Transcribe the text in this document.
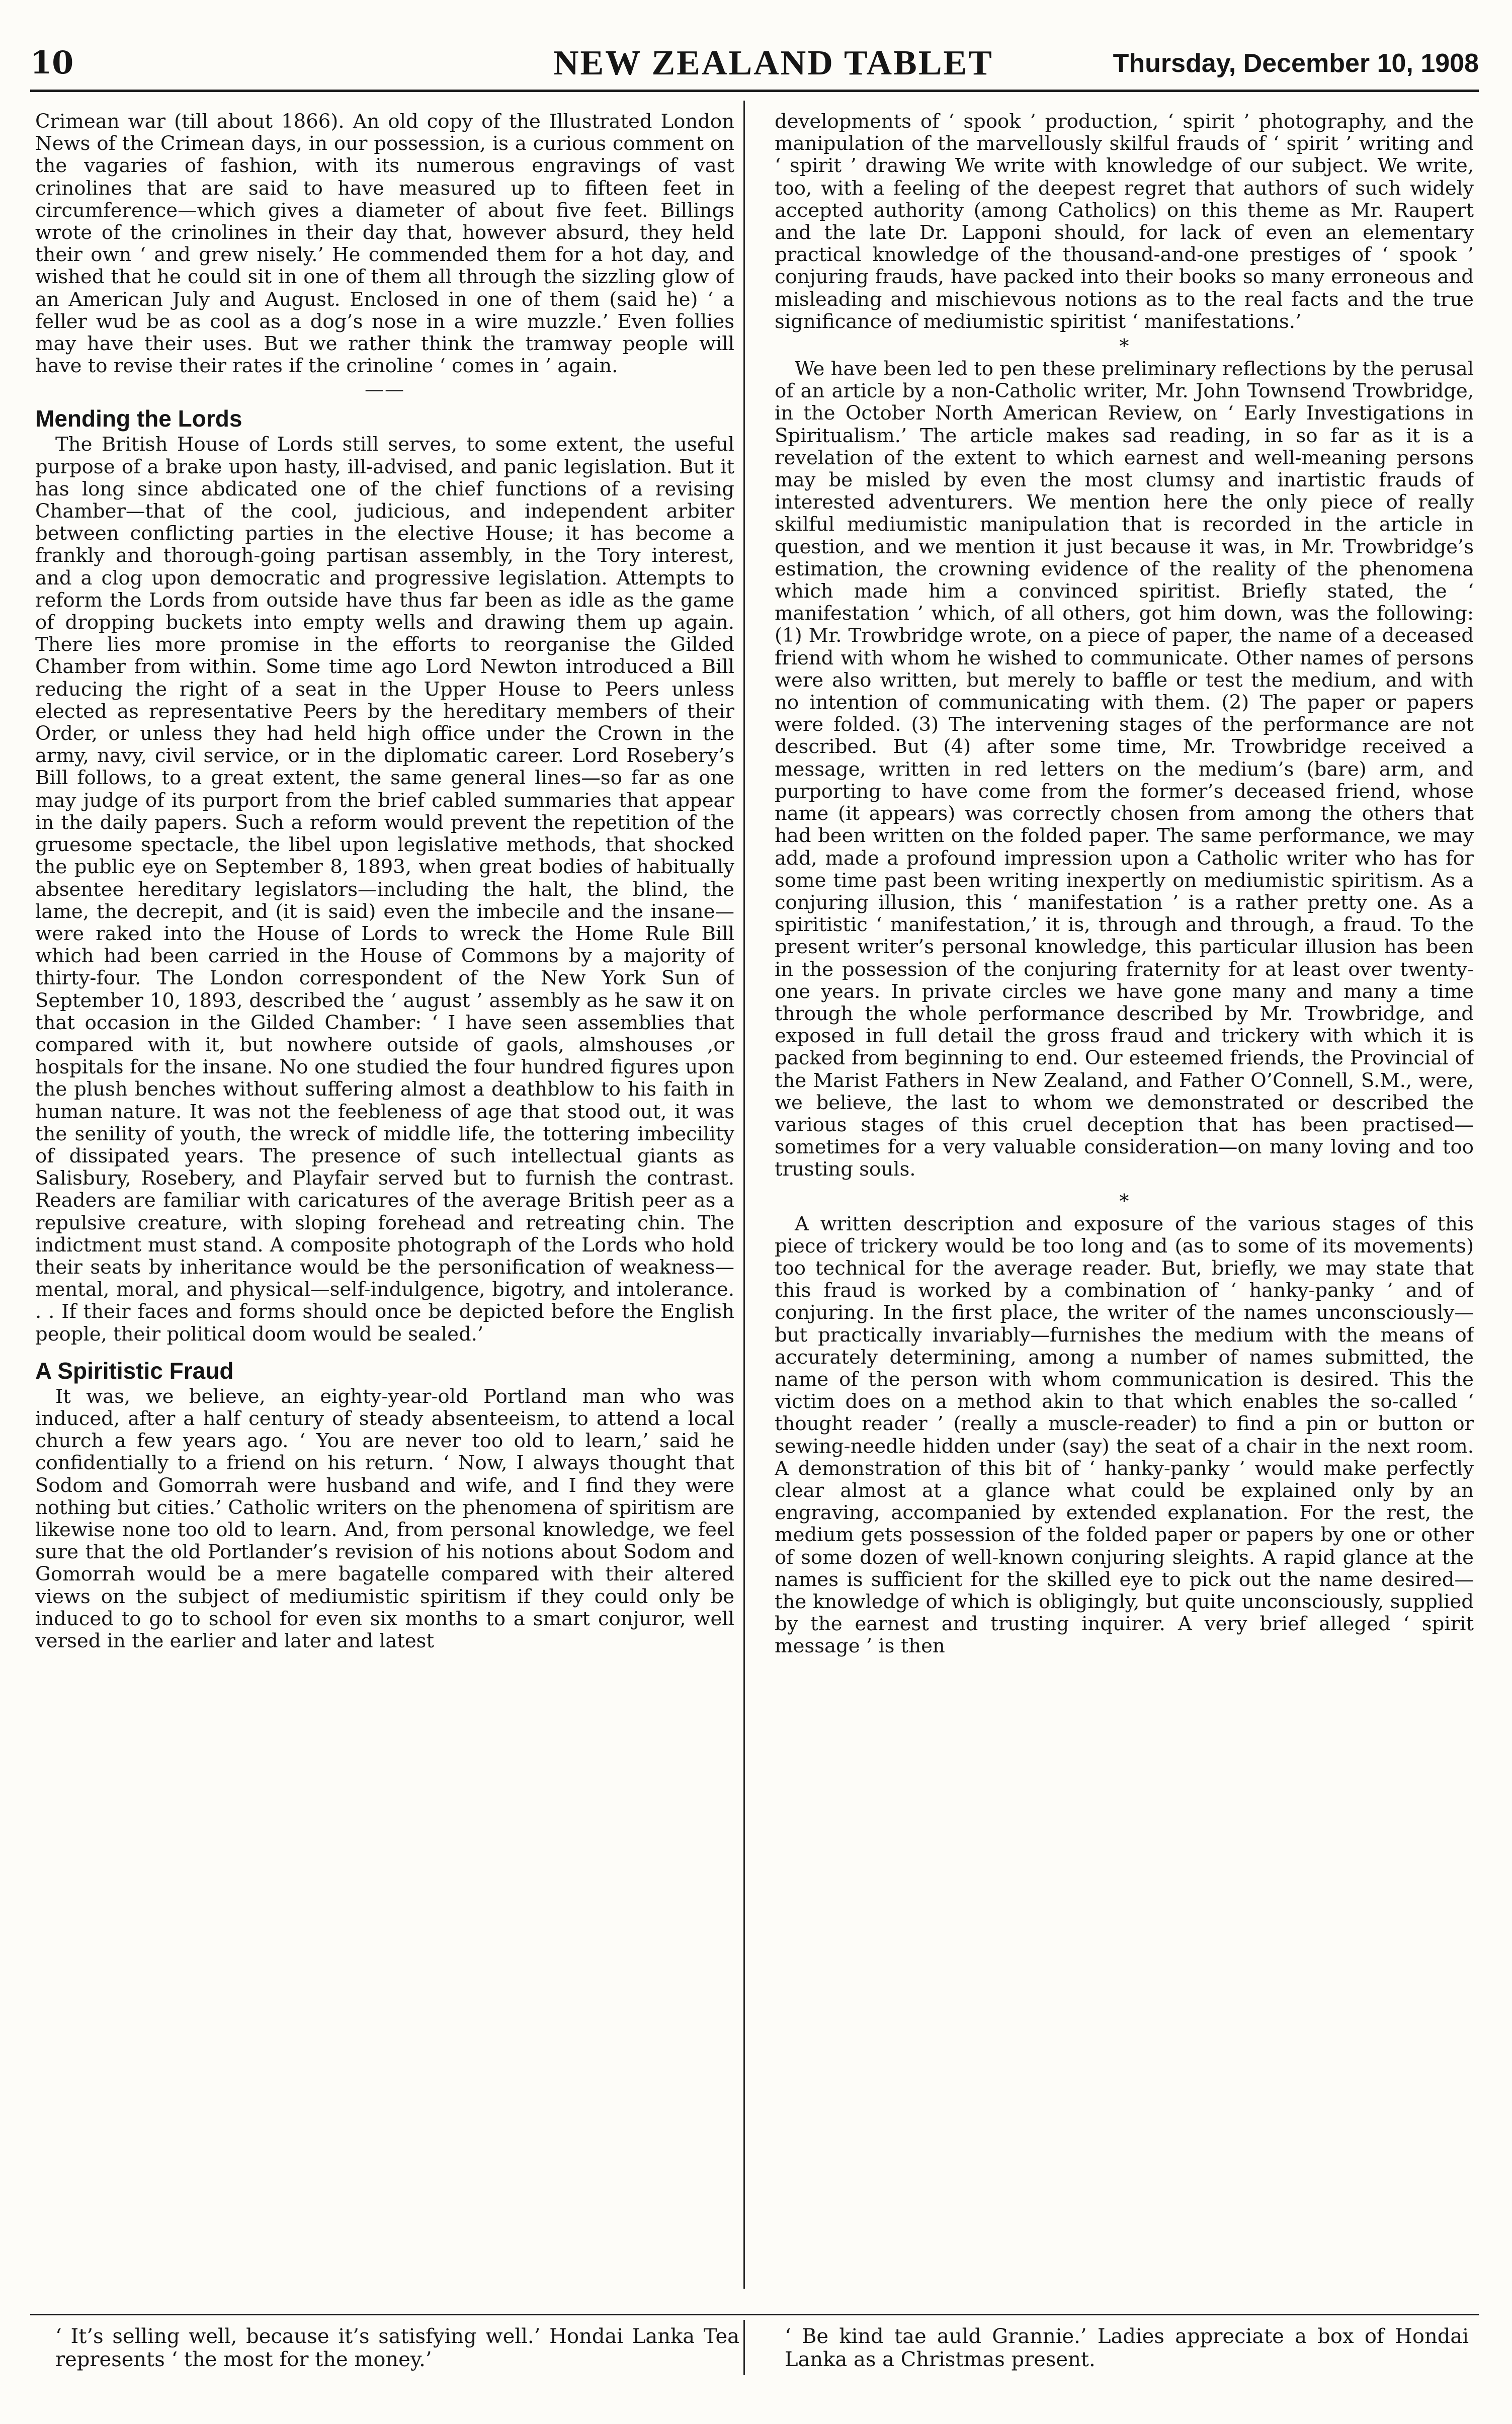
10	NEW ZEALAND TABLET	Thursday, December 10, 1908

Crimean war (till about 1866). An old copy of the Illustrated London News of the Crimean days, in our possession, is a curious comment on the vagaries of fashion, with its numerous engravings of vast crinolines that are said to have measured up to fifteen feet in circumference—which gives a diameter of about five feet. Billings wrote of the crinolines in their day that, however absurd, they held their own ‘ and grew nisely.’ He commended them for a hot day, and wished that he could sit in one of them all through the sizzling glow of an American July and August. Enclosed in one of them (said he) ‘ a feller wud be as cool as a dog’s nose in a wire muzzle.’ Even follies may have their uses. But we rather think the tramway people will have to revise their rates if the crinoline ‘ comes in ’ again.

——
Mending the Lords

The British House of Lords still serves, to some extent, the useful purpose of a brake upon hasty, ill-advised, and panic legislation. But it has long since abdicated one of the chief functions of a revising Chamber—that of the cool, judicious, and independent arbiter between conflicting parties in the elective House; it has become a frankly and thorough-going partisan assembly, in the Tory interest, and a clog upon democratic and progressive legislation. Attempts to reform the Lords from outside have thus far been as idle as the game of dropping buckets into empty wells and drawing them up again. There lies more promise in the efforts to reorganise the Gilded Chamber from within. Some time ago Lord Newton introduced a Bill reducing the right of a seat in the Upper House to Peers unless elected as representative Peers by the hereditary members of their Order, or unless they had held high office under the Crown in the army, navy, civil service, or in the diplomatic career. Lord Rosebery’s Bill follows, to a great extent, the same general lines—so far as one may judge of its purport from the brief cabled summaries that appear in the daily papers. Such a reform would prevent the repetition of the gruesome spectacle, the libel upon legislative methods, that shocked the public eye on September 8, 1893, when great bodies of habitually absentee hereditary legislators—including the halt, the blind, the lame, the decrepit, and (it is said) even the imbecile and the insane—were raked into the House of Lords to wreck the Home Rule Bill which had been carried in the House of Commons by a majority of thirty-four. The London correspondent of the New York Sun of September 10, 1893, described the ‘ august ’ assembly as he saw it on that occasion in the Gilded Chamber: ‘ I have seen assemblies that compared with it, but nowhere outside of gaols, almshouses ,or hospitals for the insane. No one studied the four hundred figures upon the plush benches without suffering almost a deathblow to his faith in human nature. It was not the feebleness of age that stood out, it was the senility of youth, the wreck of middle life, the tottering imbecility of dissipated years. The presence of such intellectual giants as Salisbury, Rosebery, and Playfair served but to furnish the contrast. Readers are familiar with caricatures of the average British peer as a repulsive creature, with sloping forehead and retreating chin. The indictment must stand. A composite photograph of the Lords who hold their seats by inheritance would be the personification of weakness—mental, moral, and physical—self-indulgence, bigotry, and intolerance. . . If their faces and forms should once be depicted before the English people, their political doom would be sealed.’

A Spiritistic Fraud

It was, we believe, an eighty-year-old Portland man who was induced, after a half century of steady absenteeism, to attend a local church a few years ago. ‘ You are never too old to learn,’ said he confidentially to a friend on his return. ‘ Now, I always thought that Sodom and Gomorrah were husband and wife, and I find they were nothing but cities.’ Catholic writers on the phenomena of spiritism are likewise none too old to learn. And, from personal knowledge, we feel sure that the old Portlander’s revision of his notions about Sodom and Gomorrah would be a mere bagatelle compared with their altered views on the subject of mediumistic spiritism if they could only be induced to go to school for even six months to a smart conjuror, well versed in the earlier and later and latest

developments of ‘ spook ’ production, ‘ spirit ’ photography, and the manipulation of the marvellously skilful frauds of ‘ spirit ’ writing and ‘ spirit ’ drawing We write with knowledge of our subject. We write, too, with a feeling of the deepest regret that authors of such widely accepted authority (among Catholics) on this theme as Mr. Raupert and the late Dr. Lapponi should, for lack of even an elementary practical knowledge of the thousand-and-one prestiges of ‘ spook ’ conjuring frauds, have packed into their books so many erroneous and misleading and mischievous notions as to the real facts and the true significance of mediumistic spiritist ‘ manifestations.’

*

We have been led to pen these preliminary reflections by the perusal of an article by a non-Catholic writer, Mr. John Townsend Trowbridge, in the October North American Review, on ‘ Early Investigations in Spiritualism.’ The article makes sad reading, in so far as it is a revelation of the extent to which earnest and well-meaning persons may be misled by even the most clumsy and inartistic frauds of interested adventurers. We mention here the only piece of really skilful mediumistic manipulation that is recorded in the article in question, and we mention it just because it was, in Mr. Trowbridge’s estimation, the crowning evidence of the reality of the phenomena which made him a convinced spiritist. Briefly stated, the ‘ manifestation ’ which, of all others, got him down, was the following: (1) Mr. Trowbridge wrote, on a piece of paper, the name of a deceased friend with whom he wished to communicate. Other names of persons were also written, but merely to baffle or test the medium, and with no intention of communicating with them. (2) The paper or papers were folded. (3) The intervening stages of the performance are not described. But (4) after some time, Mr. Trowbridge received a message, written in red letters on the medium’s (bare) arm, and purporting to have come from the former’s deceased friend, whose name (it appears) was correctly chosen from among the others that had been written on the folded paper. The same performance, we may add, made a profound impression upon a Catholic writer who has for some time past been writing inexpertly on mediumistic spiritism. As a conjuring illusion, this ‘ manifestation ’ is a rather pretty one. As a spiritistic ‘ manifestation,’ it is, through and through, a fraud. To the present writer’s personal knowledge, this particular illusion has been in the possession of the conjuring fraternity for at least over twenty-one years. In private circles we have gone many and many a time through the whole performance described by Mr. Trowbridge, and exposed in full detail the gross fraud and trickery with which it is packed from beginning to end. Our esteemed friends, the Provincial of the Marist Fathers in New Zealand, and Father O’Connell, S.M., were, we believe, the last to whom we demonstrated or described the various stages of this cruel deception that has been practised—sometimes for a very valuable consideration—on many loving and too trusting souls.

*

A written description and exposure of the various stages of this piece of trickery would be too long and (as to some of its movements) too technical for the average reader. But, briefly, we may state that this fraud is worked by a combination of ‘ hanky-panky ’ and of conjuring. In the first place, the writer of the names unconsciously—but practically invariably—furnishes the medium with the means of accurately determining, among a number of names submitted, the name of the person with whom communication is desired. This the victim does on a method akin to that which enables the so-called ‘ thought reader ’ (really a muscle-reader) to find a pin or button or sewing-needle hidden under (say) the seat of a chair in the next room. A demonstration of this bit of ‘ hanky-panky ’ would make perfectly clear almost at a glance what could be explained only by an engraving, accompanied by extended explanation. For the rest, the medium gets possession of the folded paper or papers by one or other of some dozen of well-known conjuring sleights. A rapid glance at the names is sufficient for the skilled eye to pick out the name desired—the knowledge of which is obligingly, but quite unconsciously, supplied by the earnest and trusting inquirer. A very brief alleged ‘ spirit message ’ is then

‘ It’s selling well, because it’s satisfying well.’ Hondai Lanka Tea represents ‘ the most for the money.’
‘ Be kind tae auld Grannie.’ Ladies appreciate a box of Hondai Lanka as a Christmas present.
